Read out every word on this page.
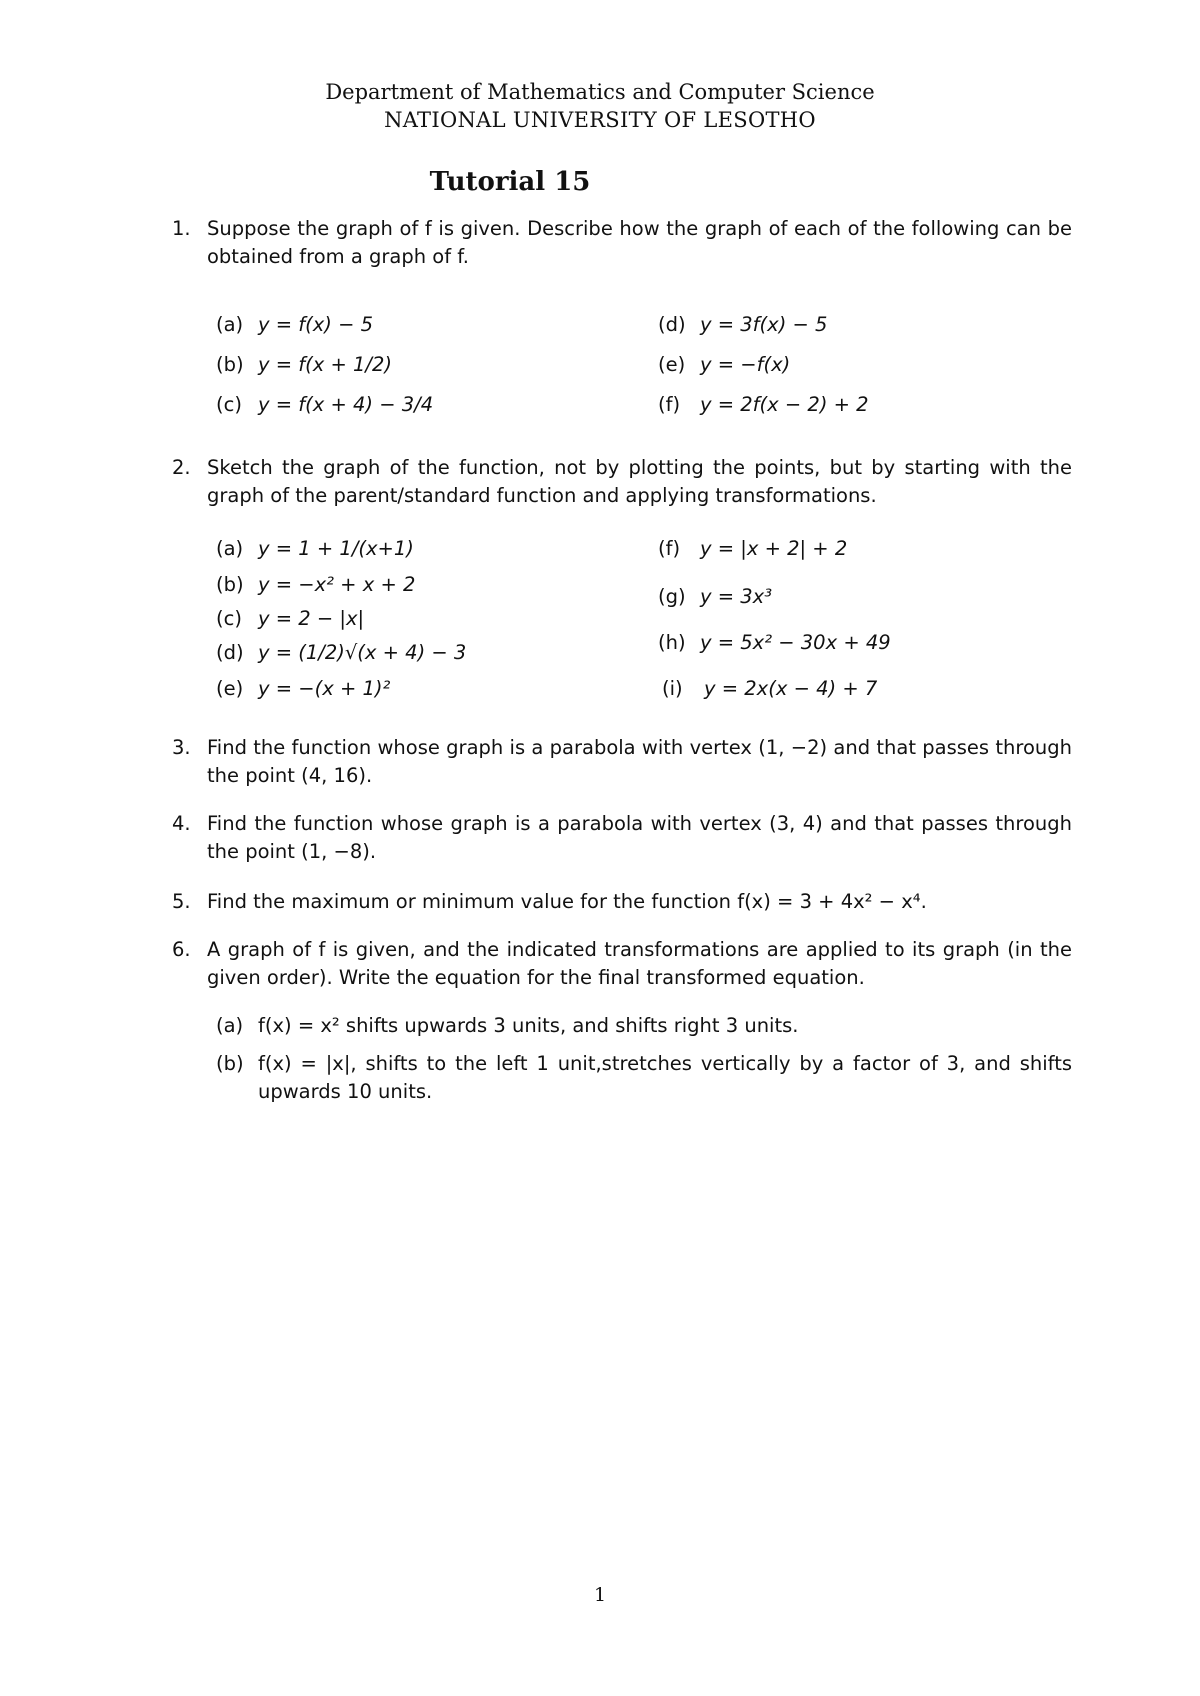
Department of Mathematics and Computer Science
NATIONAL UNIVERSITY OF LESOTHO
Tutorial 15
1. Suppose the graph of f is given. Describe how the graph of each of the following can be obtained from a graph of f.
(a) y = f(x) − 5
(b) y = f(x + 1/2)
(c) y = f(x + 4) − 3/4
(d) y = 3f(x) − 5
(e) y = −f(x)
(f) y = 2f(x − 2) + 2
2. Sketch the graph of the function, not by plotting the points, but by starting with the graph of the parent/standard function and applying transformations.
(a) y = 1 + 1/(x+1)
(b) y = −x² + x + 2
(c) y = 2 − |x|
(d) y = (1/2)√(x + 4) − 3
(e) y = −(x + 1)²
(f) y = |x + 2| + 2
(g) y = 3x³
(h) y = 5x² − 30x + 49
(i) y = 2x(x − 4) + 7
3. Find the function whose graph is a parabola with vertex (1, −2) and that passes through the point (4, 16).
4. Find the function whose graph is a parabola with vertex (3, 4) and that passes through the point (1, −8).
5. Find the maximum or minimum value for the function f(x) = 3 + 4x² − x⁴.
6. A graph of f is given, and the indicated transformations are applied to its graph (in the given order). Write the equation for the final transformed equation.
(a) f(x) = x² shifts upwards 3 units, and shifts right 3 units.
(b) f(x) = |x|, shifts to the left 1 unit,stretches vertically by a factor of 3, and shifts upwards 10 units.
1
